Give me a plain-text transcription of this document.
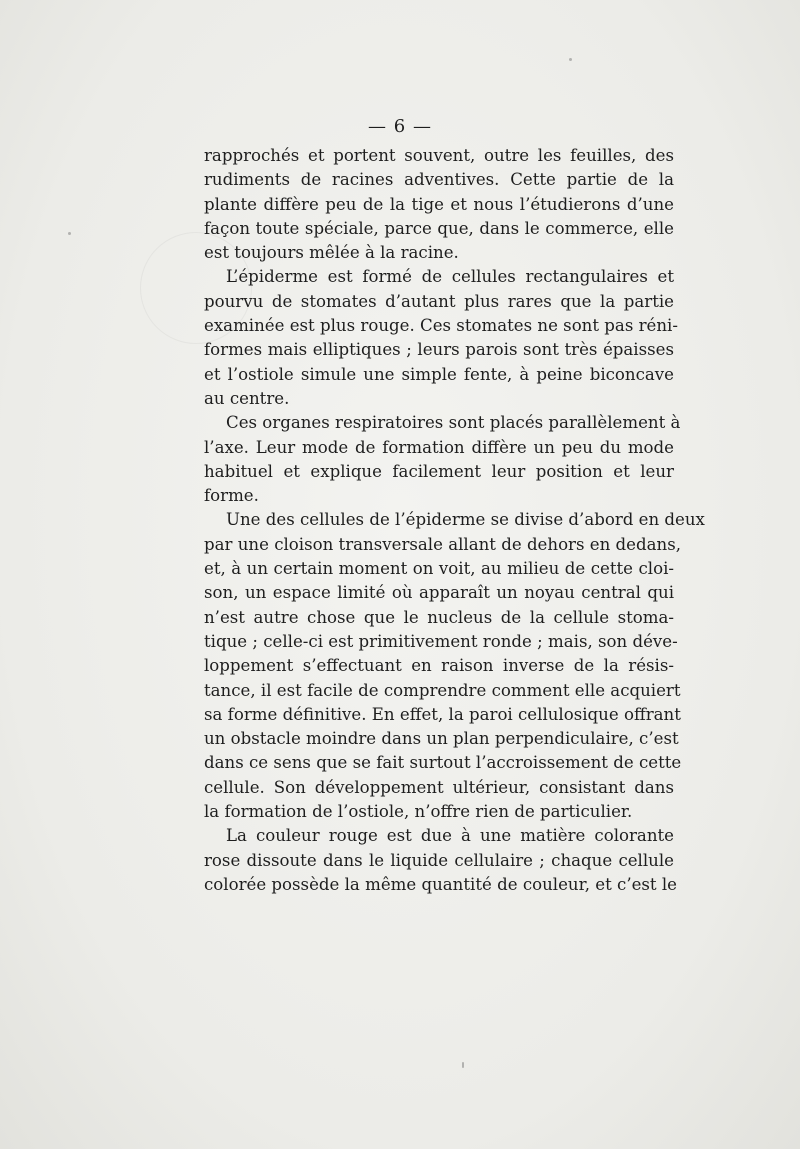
— 6 —
rapprochés et portent souvent, outre les feuilles, des
rudiments de racines adventives. Cette partie de la
plante diffère peu de la tige et nous l’étudierons d’une
façon toute spéciale, parce que, dans le commerce, elle
est toujours mêlée à la racine.
L’épiderme est formé de cellules rectangulaires et
pourvu de stomates d’autant plus rares que la partie
examinée est plus rouge. Ces stomates ne sont pas réni-
formes mais elliptiques ; leurs parois sont très épaisses
et l’ostiole simule une simple fente, à peine biconcave
au centre.
Ces organes respiratoires sont placés parallèlement à
l’axe. Leur mode de formation diffère un peu du mode
habituel et explique facilement leur position et leur
forme.
Une des cellules de l’épiderme se divise d’abord en deux
par une cloison transversale allant de dehors en dedans,
et, à un certain moment on voit, au milieu de cette cloi-
son, un espace limité où apparaît un noyau central qui
n’est autre chose que le nucleus de la cellule stoma-
tique ; celle-ci est primitivement ronde ; mais, son déve-
loppement s’effectuant en raison inverse de la résis-
tance, il est facile de comprendre comment elle acquiert
sa forme définitive. En effet, la paroi cellulosique offrant
un obstacle moindre dans un plan perpendiculaire, c’est
dans ce sens que se fait surtout l’accroissement de cette
cellule. Son développement ultérieur, consistant dans
la formation de l’ostiole, n’offre rien de particulier.
La couleur rouge est due à une matière colorante
rose dissoute dans le liquide cellulaire ; chaque cellule
colorée possède la même quantité de couleur, et c’est le
